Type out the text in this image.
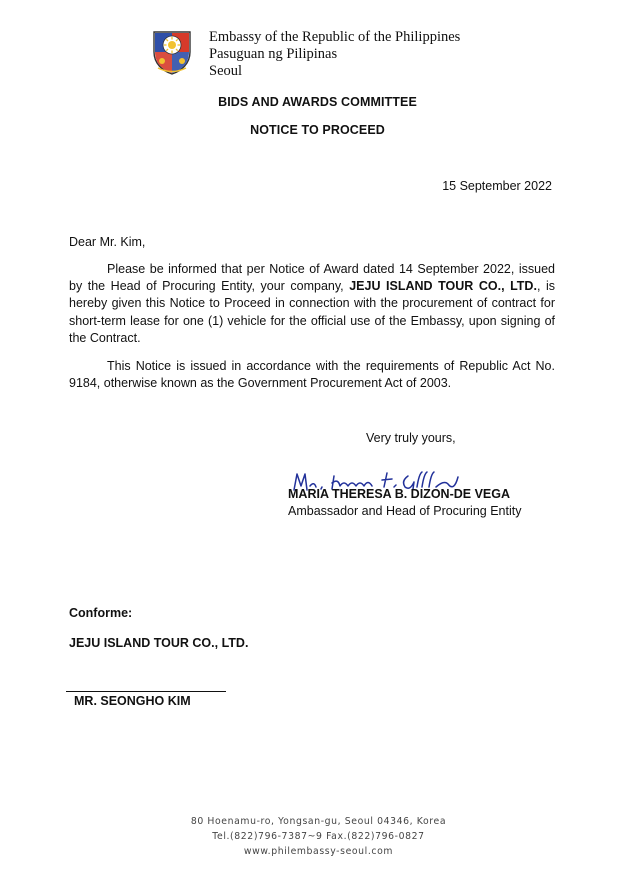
Embassy of the Republic of the Philippines
Pasuguan ng Pilipinas
Seoul
BIDS AND AWARDS COMMITTEE
NOTICE TO PROCEED
15 September 2022
Dear Mr. Kim,

Please be informed that per Notice of Award dated 14 September 2022, issued by the Head of Procuring Entity, your company, JEJU ISLAND TOUR CO., LTD., is hereby given this Notice to Proceed in connection with the procurement of contract for short-term lease for one (1) vehicle for the official use of the Embassy, upon signing of the Contract.

This Notice is issued in accordance with the requirements of Republic Act No. 9184, otherwise known as the Government Procurement Act of 2003.

Very truly yours,
MARIA THERESA B. DIZON-DE VEGA
Ambassador and Head of Procuring Entity
Conforme:
JEJU ISLAND TOUR CO., LTD.
MR. SEONGHO KIM
80 Hoenamu-ro, Yongsan-gu, Seoul 04346, Korea
Tel.(822)796-7387~9 Fax.(822)796-0827
www.philembassy-seoul.com
